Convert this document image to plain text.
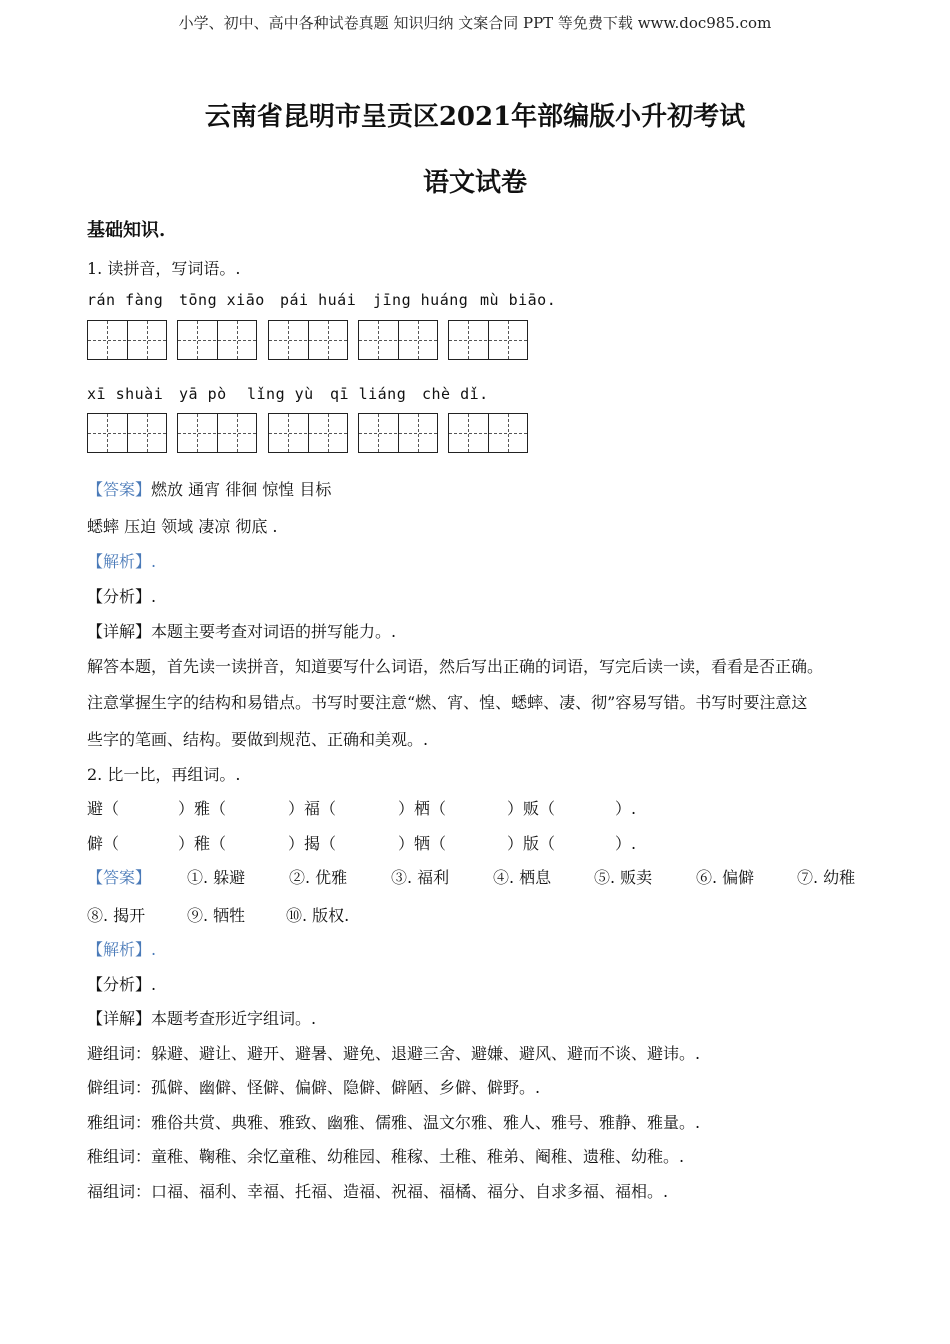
小学、初中、高中各种试卷真题 知识归纳 文案合同 PPT 等免费下载 www.doc985.com
云南省昆明市呈贡区2021年部编版小升初考试
语文试卷
基础知识.
1. 读拼音，写词语。.
rán fàng tōng xiāo pái huái jīng huáng mù biāo.
xī shuài yā pò lǐng yù qī liáng chè dǐ.
【答案】燃放 通宵 徘徊 惊惶 目标
蟋蟀 压迫 领域 凄凉 彻底 .
【解析】.
【分析】.
【详解】本题主要考查对词语的拼写能力。.
解答本题，首先读一读拼音，知道要写什么词语，然后写出正确的词语，写完后读一读，看看是否正确。
注意掌握生字的结构和易错点。书写时要注意“燃、宵、惶、蟋蟀、凄、彻”容易写错。书写时要注意这
些字的笔画、结构。要做到规范、正确和美观。.
2. 比一比，再组词。.
避（	）雅（	）福（	）栖（	）贩（	）.
僻（	）稚（	）揭（	）牺（	）版（	）.
【答案】 ①. 躲避	②. 优雅	③. 福利	④. 栖息	⑤. 贩卖	⑥. 偏僻	⑦. 幼稚
⑧. 揭开	⑨. 牺牲	⑩. 版权.
【解析】.
【分析】.
【详解】本题考查形近字组词。.
避组词：躲避、避让、避开、避暑、避免、退避三舍、避嫌、避风、避而不谈、避讳。.
僻组词：孤僻、幽僻、怪僻、偏僻、隐僻、僻陋、乡僻、僻野。.
雅组词：雅俗共赏、典雅、雅致、幽雅、儒雅、温文尔雅、雅人、雅号、雅静、雅量。.
稚组词：童稚、鞠稚、余忆童稚、幼稚园、稚稼、土稚、稚弟、阉稚、遗稚、幼稚。.
福组词：口福、福利、幸福、托福、造福、祝福、福橘、福分、自求多福、福相。.
